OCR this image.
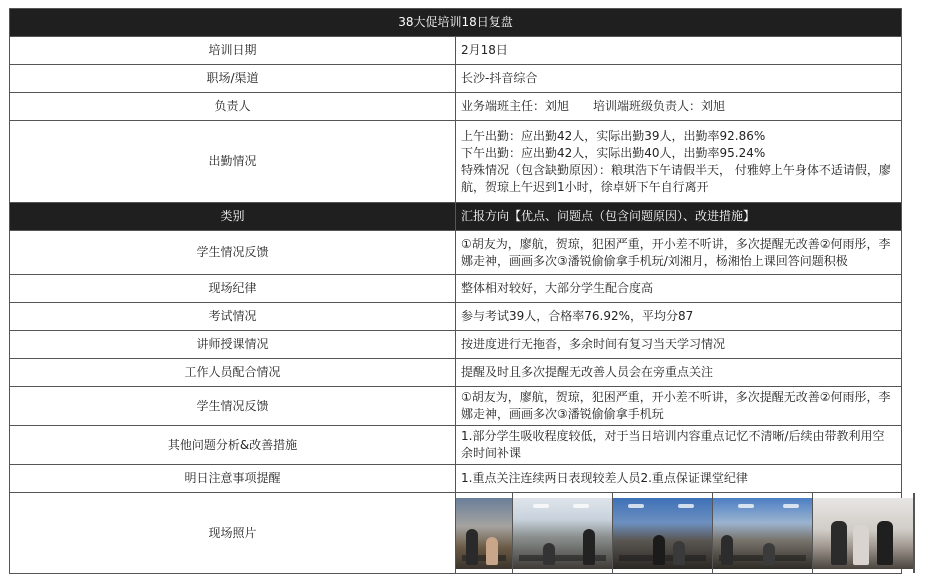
38大促培训18日复盘	
培训日期	2月18日
职场/渠道	长沙-抖音综合
负责人	业务端班主任：刘旭　　培训端班级负责人：刘旭
出勤情况	上午出勤：应出勤42人，实际出勤39人，出勤率92.86%
下午出勤：应出勤42人，实际出勤40人，出勤率95.24%
特殊情况（包含缺勤原因）：粮琪浩下午请假半天， 付雅婷上午身体不适请假，廖航，贺琼上午迟到1小时，徐卓妍下午自行离开

类别	汇报方向【优点、问题点（包含问题原因）、改进措施】
学生情况反馈	①胡友为，廖航，贺琼，犯困严重，开小差不听讲，多次提醒无改善②何雨彤，李娜走神，画画多次③潘锐偷偷拿手机玩/刘湘月，杨湘怡上课回答问题积极
现场纪律	整体相对较好，大部分学生配合度高
考试情况	参与考试39人，合格率76.92%，平均分87
讲师授课情况	按进度进行无拖沓，多余时间有复习当天学习情况
工作人员配合情况	提醒及时且多次提醒无改善人员会在旁重点关注
学生情况反馈	①胡友为，廖航，贺琼，犯困严重，开小差不听讲，多次提醒无改善②何雨彤，李娜走神，画画多次③潘锐偷偷拿手机玩
其他问题分析&改善措施	1.部分学生吸收程度较低，对于当日培训内容重点记忆不清晰/后续由带教利用空余时间补课
明日注意事项提醒	1.重点关注连续两日表现较差人员2.重点保证课堂纪律
现场照片	
